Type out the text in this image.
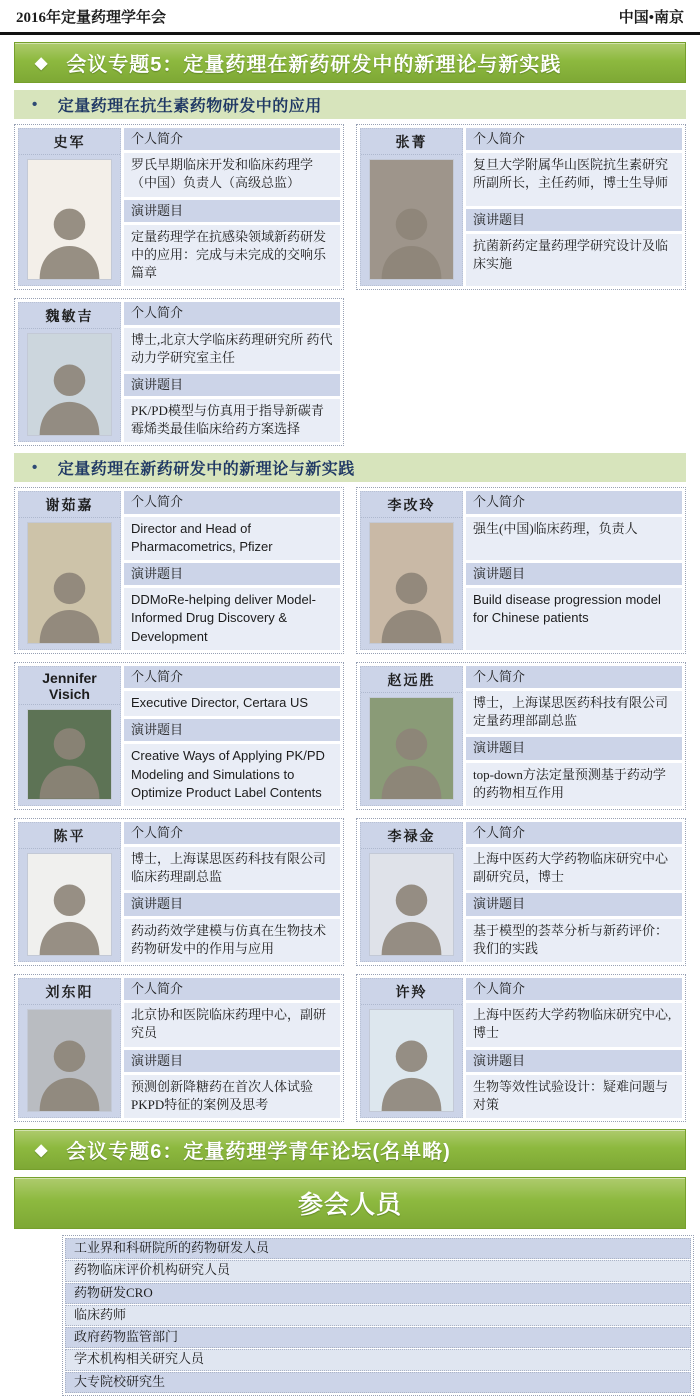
2016年定量药理学年会	中国•南京
◆ 会议专题5：定量药理在新药研发中的新理论与新实践
• 定量药理在抗生素药物研发中的应用
史军	个人简介
罗氏早期临床开发和临床药理学（中国）负责人（高级总监）
演讲题目
定量药理学在抗感染领域新药研发中的应用：完成与未完成的交响乐篇章
张菁	个人简介
复旦大学附属华山医院抗生素研究所副所长，主任药师，博士生导师
演讲题目
抗菌新药定量药理学研究设计及临床实施
魏敏吉	个人简介
博士,北京大学临床药理研究所 药代动力学研究室主任
演讲题目
PK/PD模型与仿真用于指导新碳青霉烯类最佳临床给药方案选择
• 定量药理在新药研发中的新理论与新实践
谢茹嘉	个人简介
Director and Head of Pharmacometrics, Pfizer
演讲题目
DDMoRe-helping deliver Model- Informed Drug Discovery & Development
李改玲	个人简介
强生(中国)临床药理，负责人
演讲题目
Build disease progression model for Chinese patients
Jennifer Visich
个人简介
Executive Director, Certara US
演讲题目
Creative Ways of Applying PK/PD Modeling and Simulations to Optimize Product Label Contents
赵远胜	个人简介
博士，上海谋思医药科技有限公司定量药理部副总监
演讲题目
top-down方法定量预测基于药动学的药物相互作用
陈平	个人简介
博士，上海谋思医药科技有限公司临床药理副总监
演讲题目
药动药效学建模与仿真在生物技术药物研发中的作用与应用
李禄金	个人简介
上海中医药大学药物临床研究中心 副研究员，博士
演讲题目
基于模型的荟萃分析与新药评价：我们的实践
刘东阳	个人简介
北京协和医院临床药理中心，副研究员
演讲题目
预测创新降糖药在首次人体试验PKPD特征的案例及思考
许羚	个人简介
上海中医药大学药物临床研究中心,博士
演讲题目
生物等效性试验设计：疑难问题与对策
◆ 会议专题6：定量药理学青年论坛(名单略)
参会人员
工业界和科研院所的药物研发人员
药物临床评价机构研究人员
药物研发CRO
临床药师
政府药物监管部门
学术机构相关研究人员
大专院校研究生
